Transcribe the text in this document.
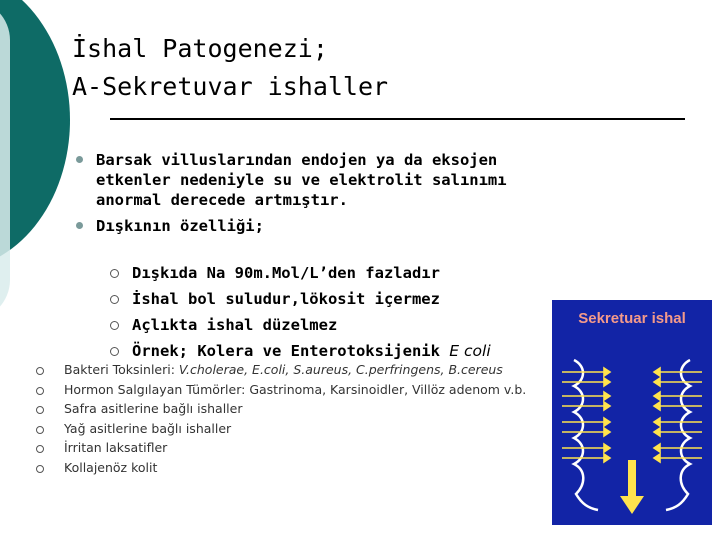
İshal Patogenezi;
A-Sekretuvar ishaller
Barsak villuslarından endojen ya da eksojen etkenler nedeniyle su ve elektrolit salınımı anormal derecede artmıştır.
Dışkının özelliği;
Dışkıda Na 90m.Mol/L’den fazladır
İshal bol suludur,lökosit içermez
Açlıkta ishal düzelmez
Örnek; Kolera ve Enterotoksijenik E coli
Bakteri Toksinleri: V.cholerae, E.coli, S.aureus, C.perfringens, B.cereus
Hormon Salgılayan Tümörler: Gastrinoma, Karsinoidler, Villöz adenom v.b.
Safra asitlerine bağlı ishaller
Yağ asitlerine bağlı ishaller
İrritan laksatifler
Kollajenöz kolit
Sekretuar ishal
